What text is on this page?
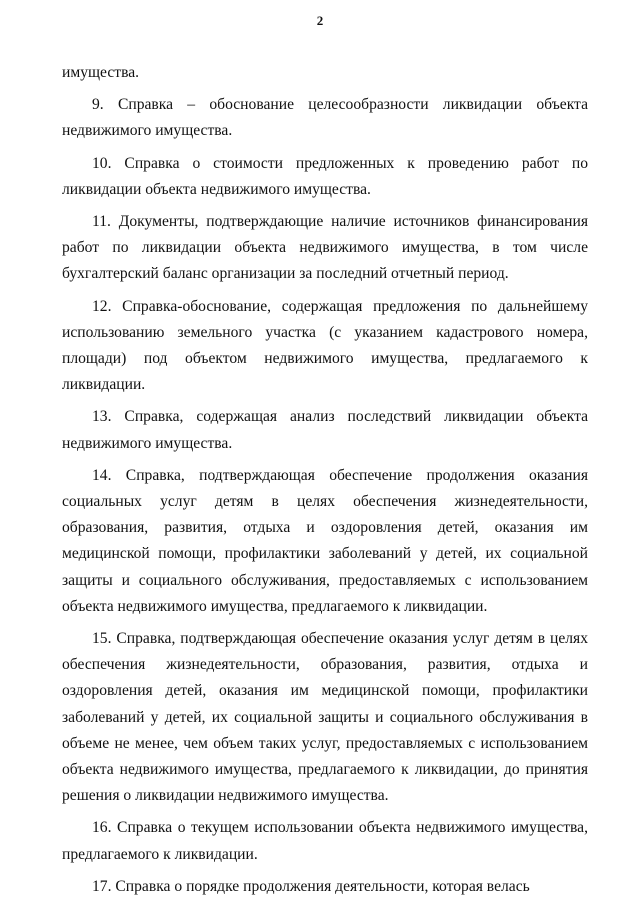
2

имущества.

9. Справка – обоснование целесообразности ликвидации объекта недвижимого имущества.

10. Справка о стоимости предложенных к проведению работ по ликвидации объекта недвижимого имущества.

11. Документы, подтверждающие наличие источников финансирования работ по ликвидации объекта недвижимого имущества, в том числе бухгалтерский баланс организации за последний отчетный период.

12. Справка-обоснование, содержащая предложения по дальнейшему использованию земельного участка (с указанием кадастрового номера, площади) под объектом недвижимого имущества, предлагаемого к ликвидации.

13. Справка, содержащая анализ последствий ликвидации объекта недвижимого имущества.

14. Справка, подтверждающая обеспечение продолжения оказания социальных услуг детям в целях обеспечения жизнедеятельности, образования, развития, отдыха и оздоровления детей, оказания им медицинской помощи, профилактики заболеваний у детей, их социальной защиты и социального обслуживания, предоставляемых с использованием объекта недвижимого имущества, предлагаемого к ликвидации.

15. Справка, подтверждающая обеспечение оказания услуг детям в целях обеспечения жизнедеятельности, образования, развития, отдыха и оздоровления детей, оказания им медицинской помощи, профилактики заболеваний у детей, их социальной защиты и социального обслуживания в объеме не менее, чем объем таких услуг, предоставляемых с использованием объекта недвижимого имущества, предлагаемого к ликвидации, до принятия решения о ликвидации недвижимого имущества.

16. Справка о текущем использовании объекта недвижимого имущества, предлагаемого к ликвидации.

17. Справка о порядке продолжения деятельности, которая велась
